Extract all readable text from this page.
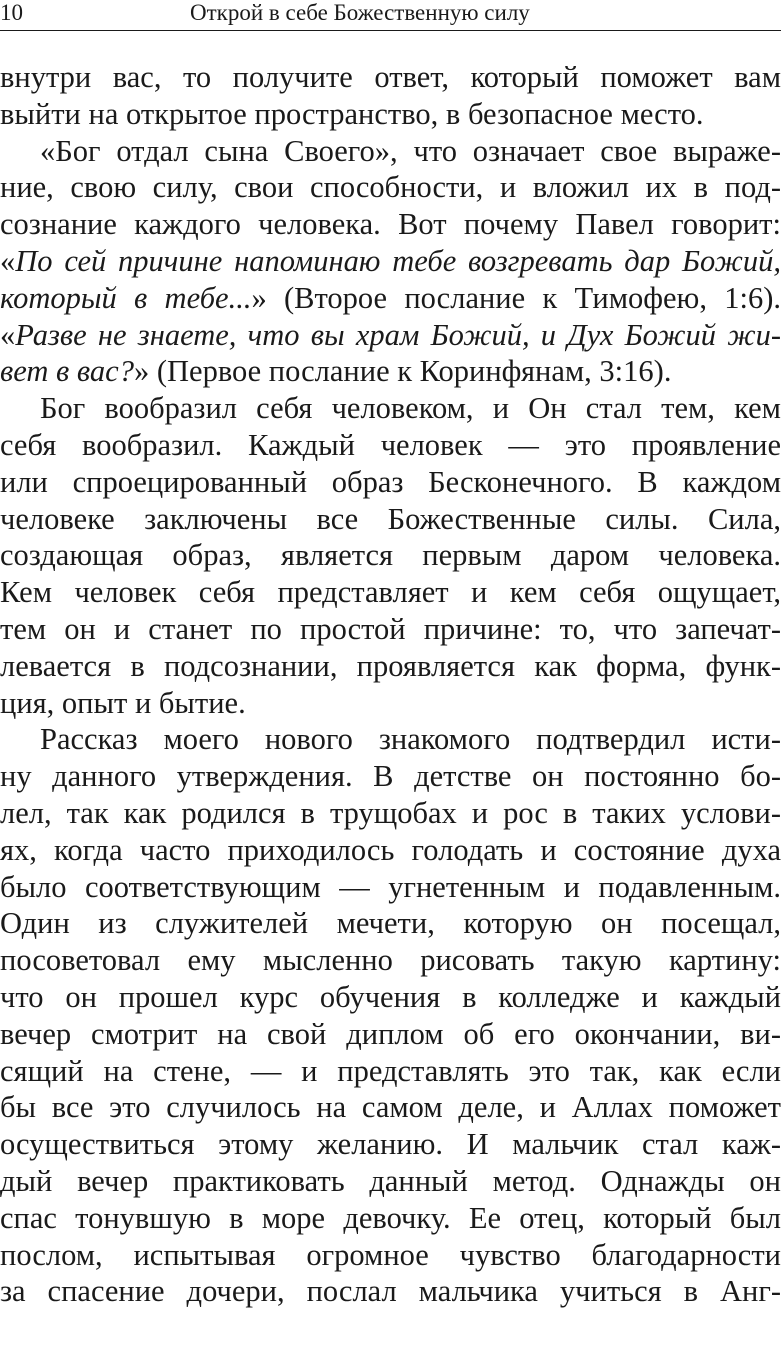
10	Открой в себе Божественную силу
внутри вас, то получите ответ, который поможет вам
выйти на открытое пространство, в безопасное место.
«Бог отдал сына Своего», что означает свое выраже-
ние, свою силу, свои способности, и вложил их в под-
сознание каждого человека. Вот почему Павел говорит:
«По сей причине напоминаю тебе возгревать дар Божий,
который в тебе...» (Второе послание к Тимофею, 1:6).
«Разве не знаете, что вы храм Божий, и Дух Божий жи-
вет в вас?» (Первое послание к Коринфянам, 3:16).
Бог вообразил себя человеком, и Он стал тем, кем
себя вообразил. Каждый человек — это проявление
или спроецированный образ Бесконечного. В каждом
человеке заключены все Божественные силы. Сила,
создающая образ, является первым даром человека.
Кем человек себя представляет и кем себя ощущает,
тем он и станет по простой причине: то, что запечат-
левается в подсознании, проявляется как форма, функ-
ция, опыт и бытие.
Рассказ моего нового знакомого подтвердил исти-
ну данного утверждения. В детстве он постоянно бо-
лел, так как родился в трущобах и рос в таких услови-
ях, когда часто приходилось голодать и состояние духа
было соответствующим — угнетенным и подавленным.
Один из служителей мечети, которую он посещал,
посоветовал ему мысленно рисовать такую картину:
что он прошел курс обучения в колледже и каждый
вечер смотрит на свой диплом об его окончании, ви-
сящий на стене, — и представлять это так, как если
бы все это случилось на самом деле, и Аллах поможет
осуществиться этому желанию. И мальчик стал каж-
дый вечер практиковать данный метод. Однажды он
спас тонувшую в море девочку. Ее отец, который был
послом, испытывая огромное чувство благодарности
за спасение дочери, послал мальчика учиться в Анг-
